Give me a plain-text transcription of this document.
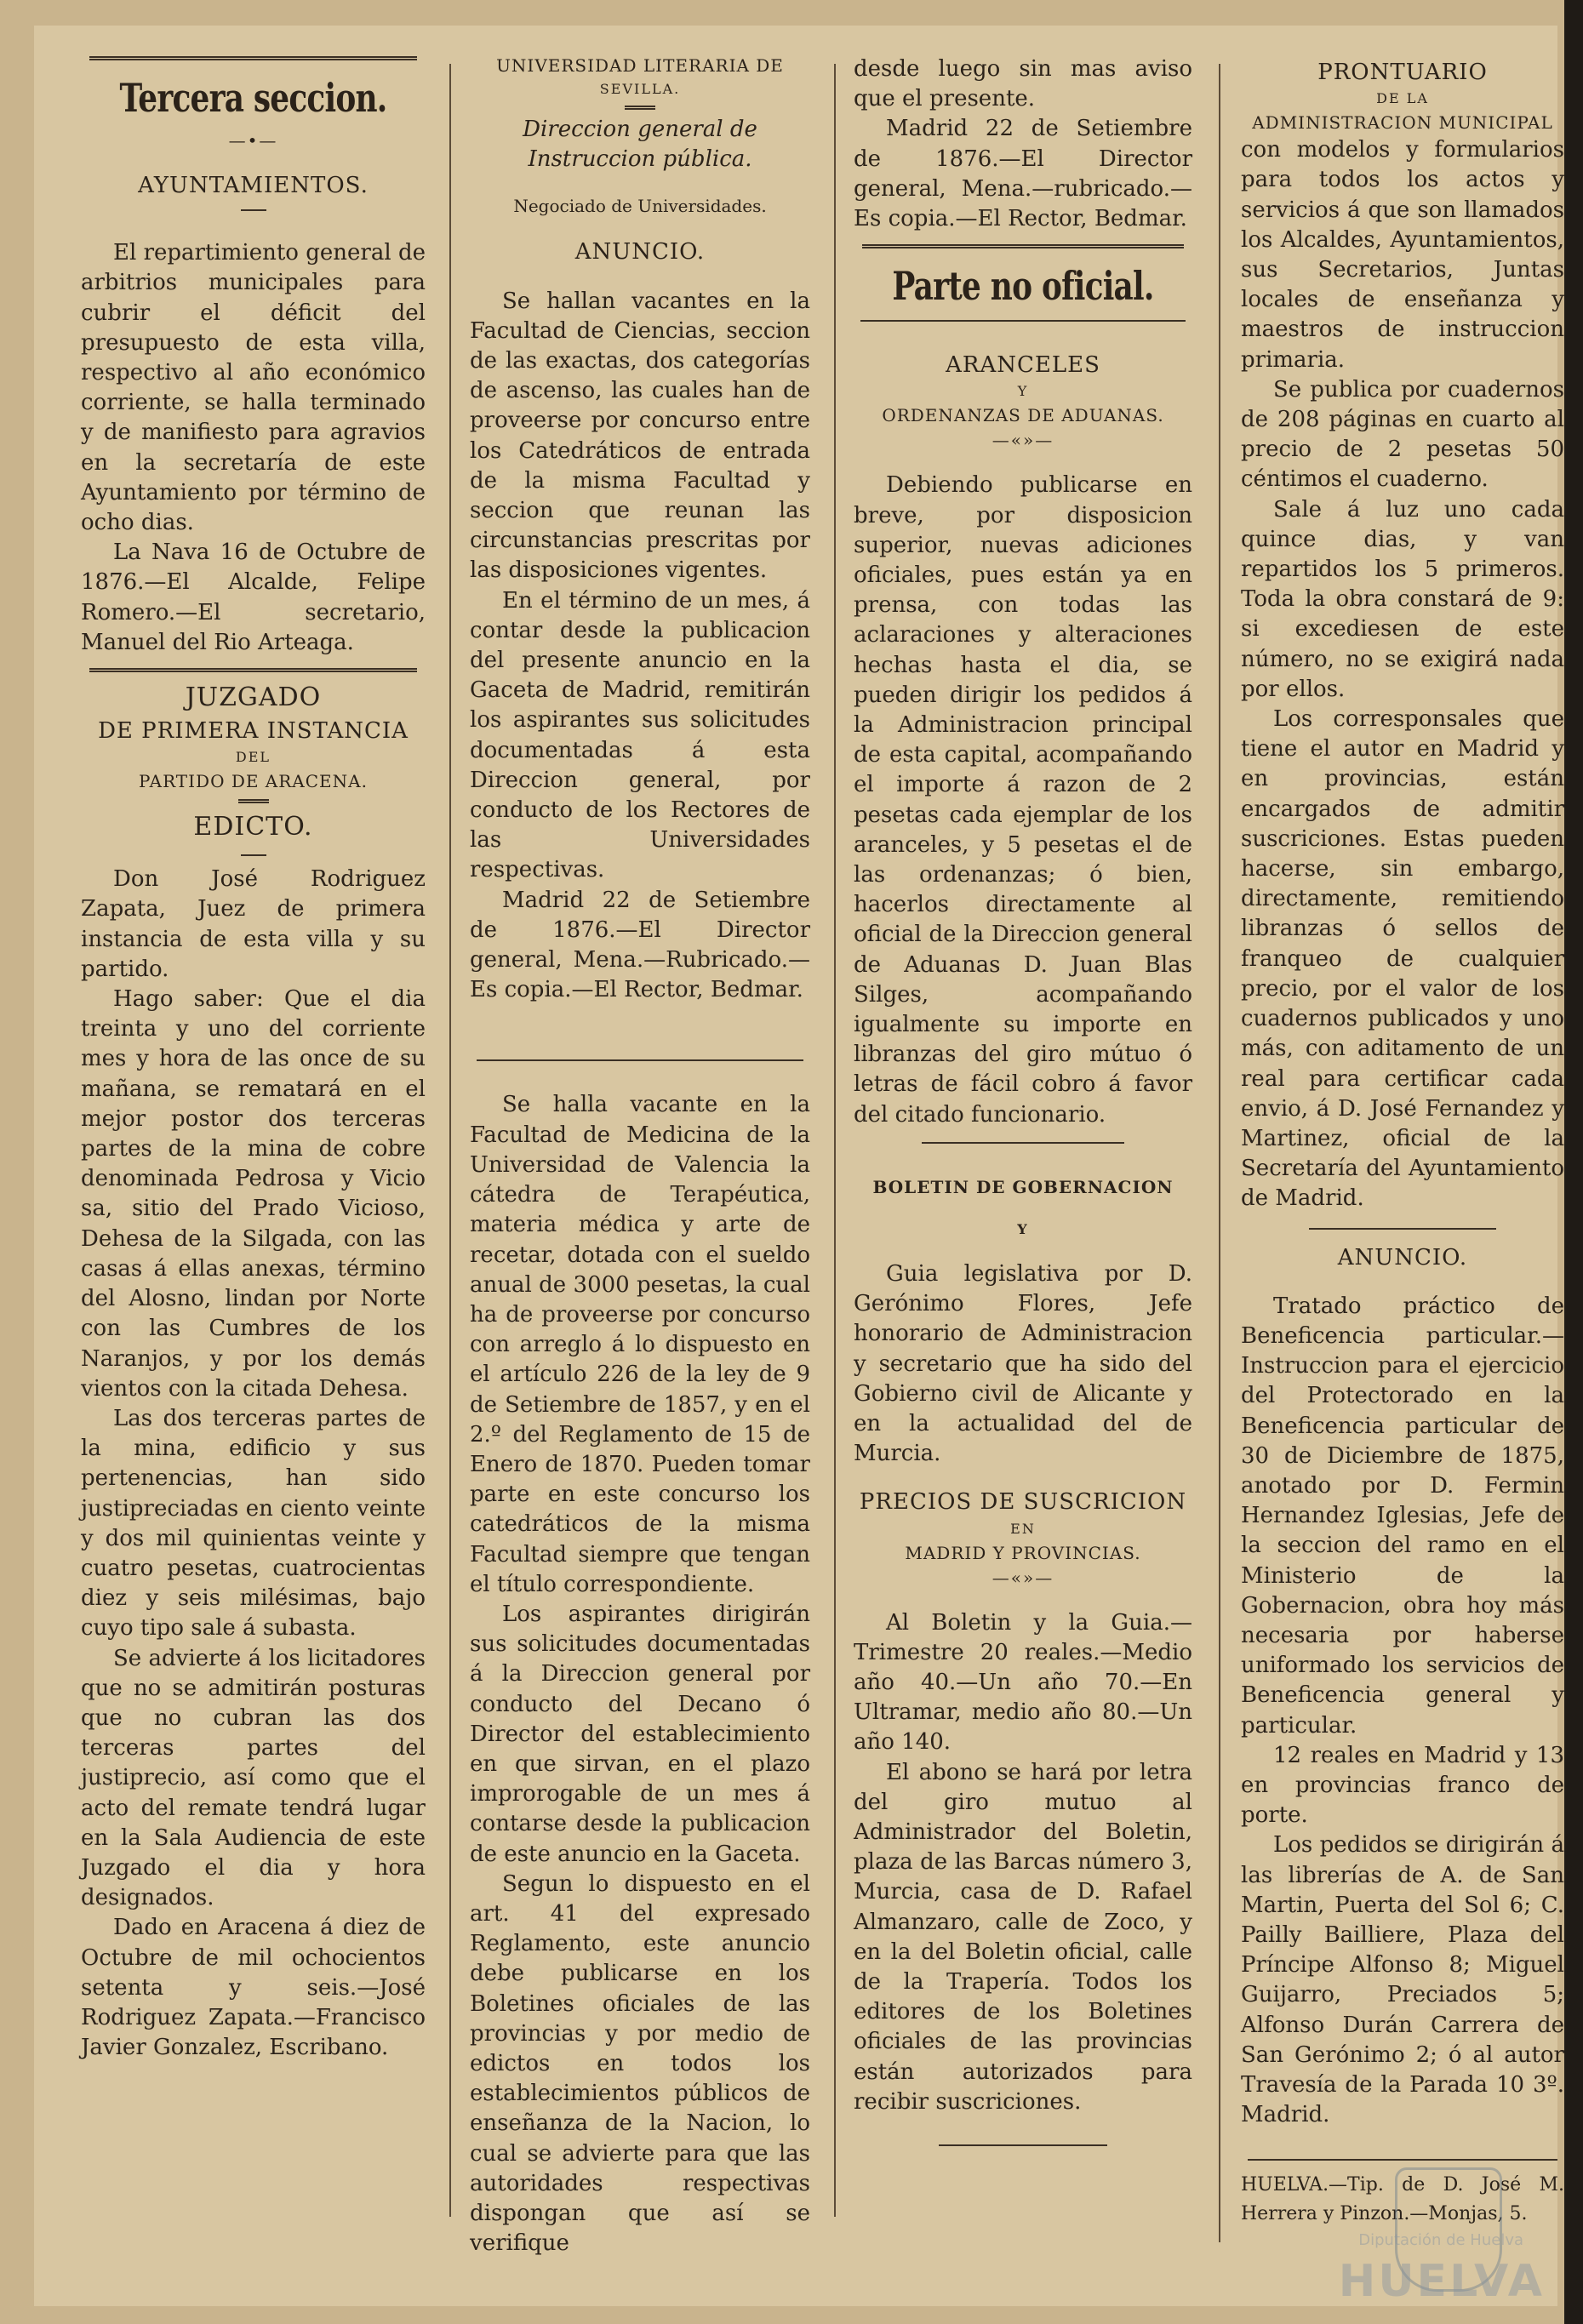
Tercera seccion.
—•—
AYUNTAMIENTOS.

El repartimiento general de arbitrios municipales para cubrir el déficit del presupuesto de esta villa, respectivo al año económico corriente, se halla terminado y de manifiesto para agravios en la secretaría de este Ayuntamiento por término de ocho dias.

La Nava 16 de Octubre de 1876.—El Alcalde, Felipe Romero.—El secretario, Manuel del Rio Arteaga.

JUZGADO
DE PRIMERA INSTANCIA
DEL
PARTIDO DE ARACENA.
EDICTO.

Don José Rodriguez Zapata, Juez de primera instancia de esta villa y su partido.

Hago saber: Que el dia treinta y uno del corriente mes y hora de las once de su mañana, se rematará en el mejor postor dos terceras partes de la mina de cobre denominada Pedrosa y Vicio sa, sitio del Prado Vicioso, Dehesa de la Silgada, con las casas á ellas anexas, término del Alosno, lindan por Norte con las Cumbres de los Naranjos, y por los demás vientos con la citada Dehesa.

Las dos terceras partes de la mina, edificio y sus pertenencias, han sido justipreciadas en ciento veinte y dos mil quinientas veinte y cuatro pesetas, cuatrocientas diez y seis milésimas, bajo cuyo tipo sale á subasta.

Se advierte á los licitadores que no se admitirán posturas que no cubran las dos terceras partes del justiprecio, así como que el acto del remate tendrá lugar en la Sala Audiencia de este Juzgado el dia y hora designados.

Dado en Aracena á diez de Octubre de mil ochocientos setenta y seis.—José Rodriguez Zapata.—Francisco Javier Gonzalez, Escribano.

UNIVERSIDAD LITERARIA DE
SEVILLA.
Direccion general de Instruccion pública.
Negociado de Universidades.
ANUNCIO.

Se hallan vacantes en la Facultad de Ciencias, seccion de las exactas, dos categorías de ascenso, las cuales han de proveerse por concurso entre los Catedráticos de entrada de la misma Facultad y seccion que reunan las circunstancias prescritas por las disposiciones vigentes.

En el término de un mes, á contar desde la publicacion del presente anuncio en la Gaceta de Madrid, remitirán los aspirantes sus solicitudes documentadas á esta Direccion general, por conducto de los Rectores de las Universidades respectivas.

Madrid 22 de Setiembre de 1876.—El Director general, Mena.—Rubricado.—Es copia.—El Rector, Bedmar.

Se halla vacante en la Facultad de Medicina de la Universidad de Valencia la cátedra de Terapéutica, materia médica y arte de recetar, dotada con el sueldo anual de 3000 pesetas, la cual ha de proveerse por concurso con arreglo á lo dispuesto en el artículo 226 de la ley de 9 de Setiembre de 1857, y en el 2.º del Reglamento de 15 de Enero de 1870. Pueden tomar parte en este concurso los catedráticos de la misma Facultad siempre que tengan el título correspondiente.

Los aspirantes dirigirán sus solicitudes documentadas á la Direccion general por conducto del Decano ó Director del establecimiento en que sirvan, en el plazo improrogable de un mes á contarse desde la publicacion de este anuncio en la Gaceta.

Segun lo dispuesto en el art. 41 del expresado Reglamento, este anuncio debe publicarse en los Boletines oficiales de las provincias y por medio de edictos en todos los establecimientos públicos de enseñanza de la Nacion, lo cual se advierte para que las autoridades respectivas dispongan que así se verifique

desde luego sin mas aviso que el presente.

Madrid 22 de Setiembre de 1876.—El Director general, Mena.—rubricado.—Es copia.—El Rector, Bedmar.

Parte no oficial.
ARANCELES
Y
ORDENANZAS DE ADUANAS.
—«»—

Debiendo publicarse en breve, por disposicion superior, nuevas adiciones oficiales, pues están ya en prensa, con todas las aclaraciones y alteraciones hechas hasta el dia, se pueden dirigir los pedidos á la Administracion principal de esta capital, acompañando el importe á razon de 2 pesetas cada ejemplar de los aranceles, y 5 pesetas el de las ordenanzas; ó bien, hacerlos directamente al oficial de la Direccion general de Aduanas D. Juan Blas Silges, acompañando igualmente su importe en libranzas del giro mútuo ó letras de fácil cobro á favor del citado funcionario.

BOLETIN DE GOBERNACION
Y

Guia legislativa por D. Gerónimo Flores, Jefe honorario de Administracion y secretario que ha sido del Gobierno civil de Alicante y en la actualidad del de Murcia.

PRECIOS DE SUSCRICION
EN
MADRID Y PROVINCIAS.
—«»—

Al Boletin y la Guia.—Trimestre 20 reales.—Medio año 40.—Un año 70.—En Ultramar, medio año 80.—Un año 140.

El abono se hará por letra del giro mutuo al Administrador del Boletin, plaza de las Barcas número 3, Murcia, casa de D. Rafael Almanzaro, calle de Zoco, y en la del Boletin oficial, calle de la Trapería. Todos los editores de los Boletines oficiales de las provincias están autorizados para recibir suscriciones.

PRONTUARIO
DE LA
ADMINISTRACION MUNICIPAL

con modelos y formularios para todos los actos y servicios á que son llamados los Alcaldes, Ayuntamientos, sus Secretarios, Juntas locales de enseñanza y maestros de instruccion primaria.

Se publica por cuadernos de 208 páginas en cuarto al precio de 2 pesetas 50 céntimos el cuaderno.

Sale á luz uno cada quince dias, y van repartidos los 5 primeros. Toda la obra constará de 9: si excediesen de este número, no se exigirá nada por ellos.

Los corresponsales que tiene el autor en Madrid y en provincias, están encargados de admitir suscriciones. Estas pueden hacerse, sin embargo, directamente, remitiendo libranzas ó sellos de franqueo de cualquier precio, por el valor de los cuadernos publicados y uno más, con aditamento de un real para certificar cada envio, á D. José Fernandez y Martinez, oficial de la Secretaría del Ayuntamiento de Madrid.

ANUNCIO.

Tratado práctico de Beneficencia particular.—Instruccion para el ejercicio del Protectorado en la Beneficencia particular de 30 de Diciembre de 1875, anotado por D. Fermin Hernandez Iglesias, Jefe de la seccion del ramo en el Ministerio de la Gobernacion, obra hoy más necesaria por haberse uniformado los servicios de Beneficencia general y particular.

12 reales en Madrid y 13 en provincias franco de porte.

Los pedidos se dirigirán á las librerías de A. de San Martin, Puerta del Sol 6; C. Pailly Bailliere, Plaza del Príncipe Alfonso 8; Miguel Guijarro, Preciados 5; Alfonso Durán Carrera de San Gerónimo 2; ó al autor Travesía de la Parada 10 3º. Madrid.

HUELVA.—Tip. de D. José M. Herrera y Pinzon.—Monjas, 5.

Diputación de Huelva
HUELVA
